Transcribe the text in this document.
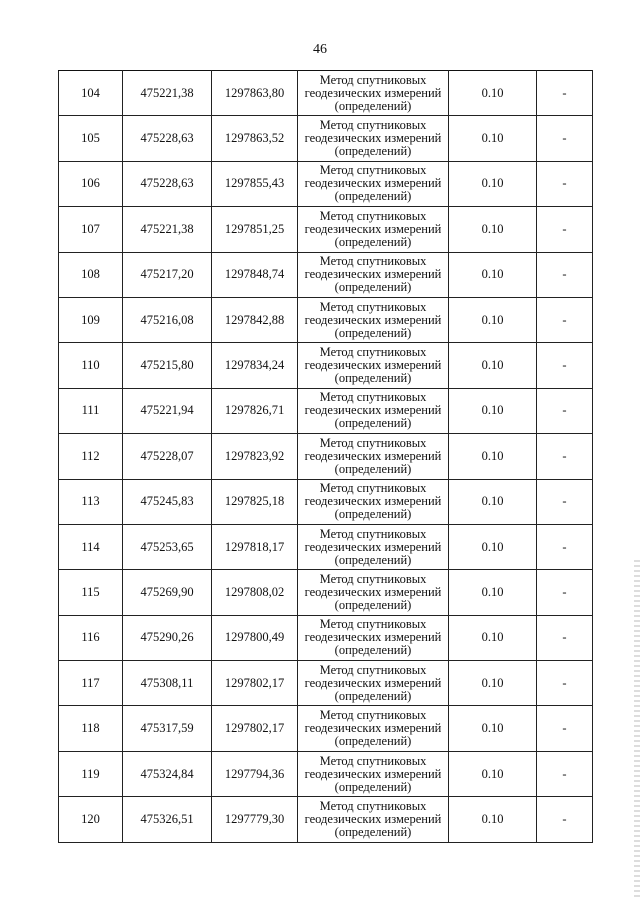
46
104	475221,38	1297863,80	Метод спутниковых геодезических измерений (определений)	0.10	-
105	475228,63	1297863,52	Метод спутниковых геодезических измерений (определений)	0.10	-
106	475228,63	1297855,43	Метод спутниковых геодезических измерений (определений)	0.10	-
107	475221,38	1297851,25	Метод спутниковых геодезических измерений (определений)	0.10	-
108	475217,20	1297848,74	Метод спутниковых геодезических измерений (определений)	0.10	-
109	475216,08	1297842,88	Метод спутниковых геодезических измерений (определений)	0.10	-
110	475215,80	1297834,24	Метод спутниковых геодезических измерений (определений)	0.10	-
111	475221,94	1297826,71	Метод спутниковых геодезических измерений (определений)	0.10	-
112	475228,07	1297823,92	Метод спутниковых геодезических измерений (определений)	0.10	-
113	475245,83	1297825,18	Метод спутниковых геодезических измерений (определений)	0.10	-
114	475253,65	1297818,17	Метод спутниковых геодезических измерений (определений)	0.10	-
115	475269,90	1297808,02	Метод спутниковых геодезических измерений (определений)	0.10	-
116	475290,26	1297800,49	Метод спутниковых геодезических измерений (определений)	0.10	-
117	475308,11	1297802,17	Метод спутниковых геодезических измерений (определений)	0.10	-
118	475317,59	1297802,17	Метод спутниковых геодезических измерений (определений)	0.10	-
119	475324,84	1297794,36	Метод спутниковых геодезических измерений (определений)	0.10	-
120	475326,51	1297779,30	Метод спутниковых геодезических измерений (определений)	0.10	-
